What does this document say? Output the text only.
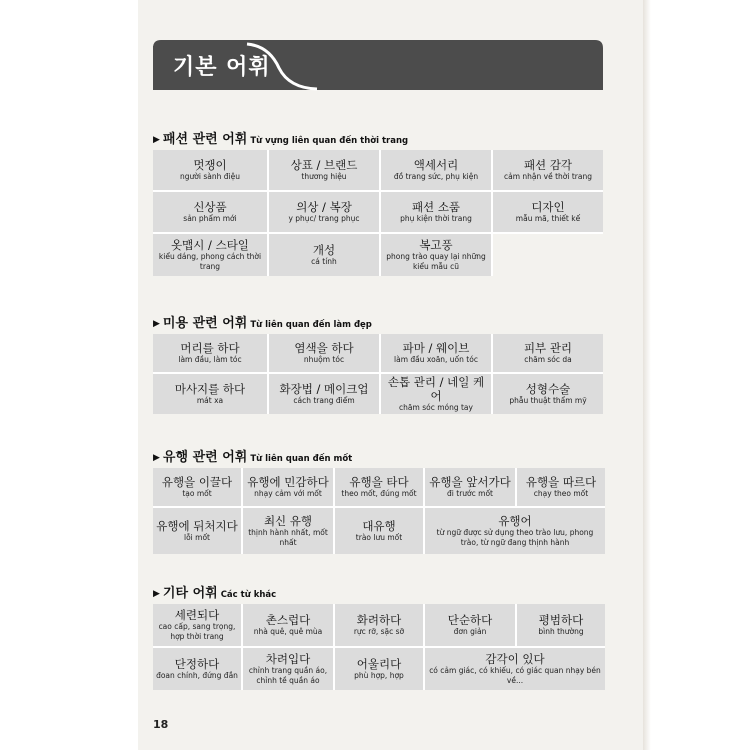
기본 어휘
▶ 패션 관련 어휘 Từ vựng liên quan đến thời trang
멋쟁이
người sành điệu
상표 / 브랜드
thương hiệu
액세서리
đồ trang sức, phụ kiện
패션 감각
cảm nhận về thời trang
신상품
sản phẩm mới
의상 / 복장
y phục/ trang phục
패션 소품
phụ kiện thời trang
디자인
mẫu mã, thiết kế
옷맵시 / 스타일
kiểu dáng, phong cách thời trang
개성
cá tính
복고풍
phong trào quay lại những kiểu mẫu cũ
▶ 미용 관련 어휘 Từ liên quan đến làm đẹp
머리를 하다
làm đầu, làm tóc
염색을 하다
nhuộm tóc
파마 / 웨이브
làm đầu xoăn, uốn tóc
피부 관리
chăm sóc da
마사지를 하다
mát xa
화장법 / 메이크업
cách trang điểm
손톱 관리 / 네일 케어
chăm sóc móng tay
성형수술
phẫu thuật thẩm mỹ
▶ 유행 관련 어휘 Từ liên quan đến mốt
유행을 이끌다
tạo mốt
유행에 민감하다
nhạy cảm với mốt
유행을 타다
theo mốt, đúng mốt
유행을 앞서가다
đi trước mốt
유행을 따르다
chạy theo mốt
유행에 뒤처지다
lỗi mốt
최신 유행
thịnh hành nhất, mốt nhất
대유행
trào lưu mốt
유행어
từ ngữ được sử dụng theo trào lưu, phong trào, từ ngữ đang thịnh hành
▶ 기타 어휘 Các từ khác
세련되다
cao cấp, sang trọng, hợp thời trang
촌스럽다
nhà quê, quê mùa
화려하다
rực rỡ, sặc sỡ
단순하다
đơn giản
평범하다
bình thường
단정하다
đoan chính, đứng đắn
차려입다
chỉnh trang quần áo, chỉnh tề quần áo
어울리다
phù hợp, hợp
감각이 있다
có cảm giác, có khiếu, có giác quan nhạy bén về...
18
